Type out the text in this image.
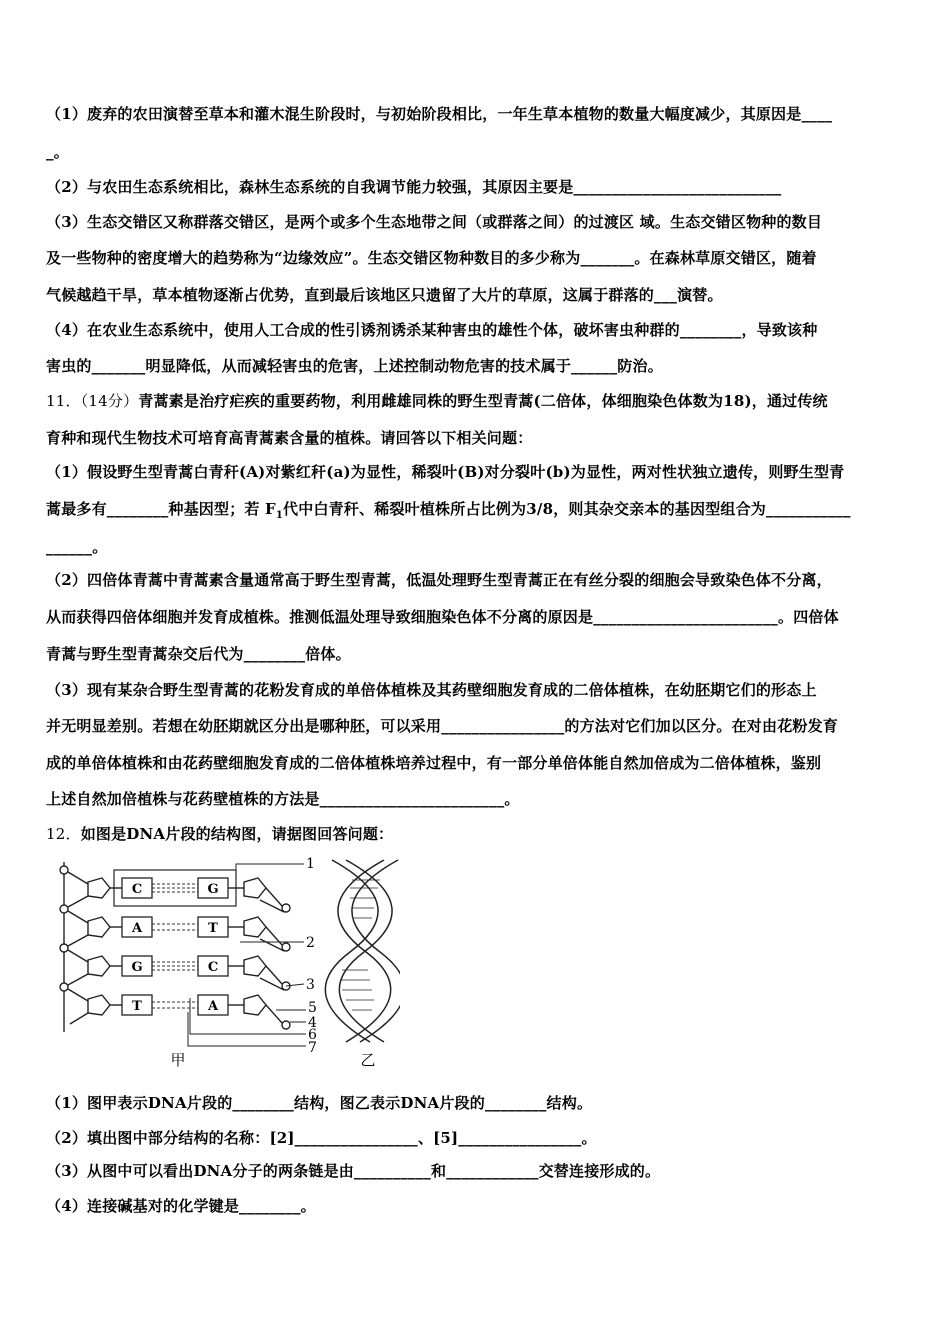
（1）废弃的农田演替至草本和灌木混生阶段时，与初始阶段相比，一年生草本植物的数量大幅度减少，其原因是____
_。
（2）与农田生态系统相比，森林生态系统的自我调节能力较强，其原因主要是___________________________
（3）生态交错区又称群落交错区，是两个或多个生态地带之间（或群落之间）的过渡区 域。生态交错区物种的数目
及一些物种的密度增大的趋势称为“边缘效应”。生态交错区物种数目的多少称为_______。在森林草原交错区，随着
气候越趋干旱，草本植物逐渐占优势，直到最后该地区只遗留了大片的草原，这属于群落的___演替。
（4）在农业生态系统中，使用人工合成的性引诱剂诱杀某种害虫的雄性个体，破坏害虫种群的________，导致该种
害虫的_______明显降低，从而减轻害虫的危害，上述控制动物危害的技术属于______防治。
11．（14分）青蒿素是治疗疟疾的重要药物，利用雌雄同株的野生型青蒿(二倍体，体细胞染色体数为18)，通过传统
育种和现代生物技术可培育高青蒿素含量的植株。请回答以下相关问题：
（1）假设野生型青蒿白青秆(A)对紫红秆(a)为显性，稀裂叶(B)对分裂叶(b)为显性，两对性状独立遗传，则野生型青
蒿最多有________种基因型；若 $F_1$代中白青秆、稀裂叶植株所占比例为3/8，则其杂交亲本的基因型组合为___________
______。
（2）四倍体青蒿中青蒿素含量通常高于野生型青蒿，低温处理野生型青蒿正在有丝分裂的细胞会导致染色体不分离，
从而获得四倍体细胞并发育成植株。推测低温处理导致细胞染色体不分离的原因是________________________。四倍体
青蒿与野生型青蒿杂交后代为________倍体。
（3）现有某杂合野生型青蒿的花粉发育成的单倍体植株及其药壁细胞发育成的二倍体植株，在幼胚期它们的形态上
并无明显差别。若想在幼胚期就区分出是哪种胚，可以采用________________的方法对它们加以区分。在对由花粉发育
成的单倍体植株和由花药壁细胞发育成的二倍体植株培养过程中，有一部分单倍体能自然加倍成为二倍体植株，鉴别
上述自然加倍植株与花药壁植株的方法是________________________。
12．如图是DNA片段的结构图，请据图回答问题：
C
A
G
T
G
T
C
A
1
2
3
5
4
6
7
甲	乙
（1）图甲表示DNA片段的________结构，图乙表示DNA片段的________结构。
（2）填出图中部分结构的名称：[2]________________、[5]________________。
（3）从图中可以看出DNA分子的两条链是由__________和____________交替连接形成的。
（4）连接碱基对的化学键是________。
